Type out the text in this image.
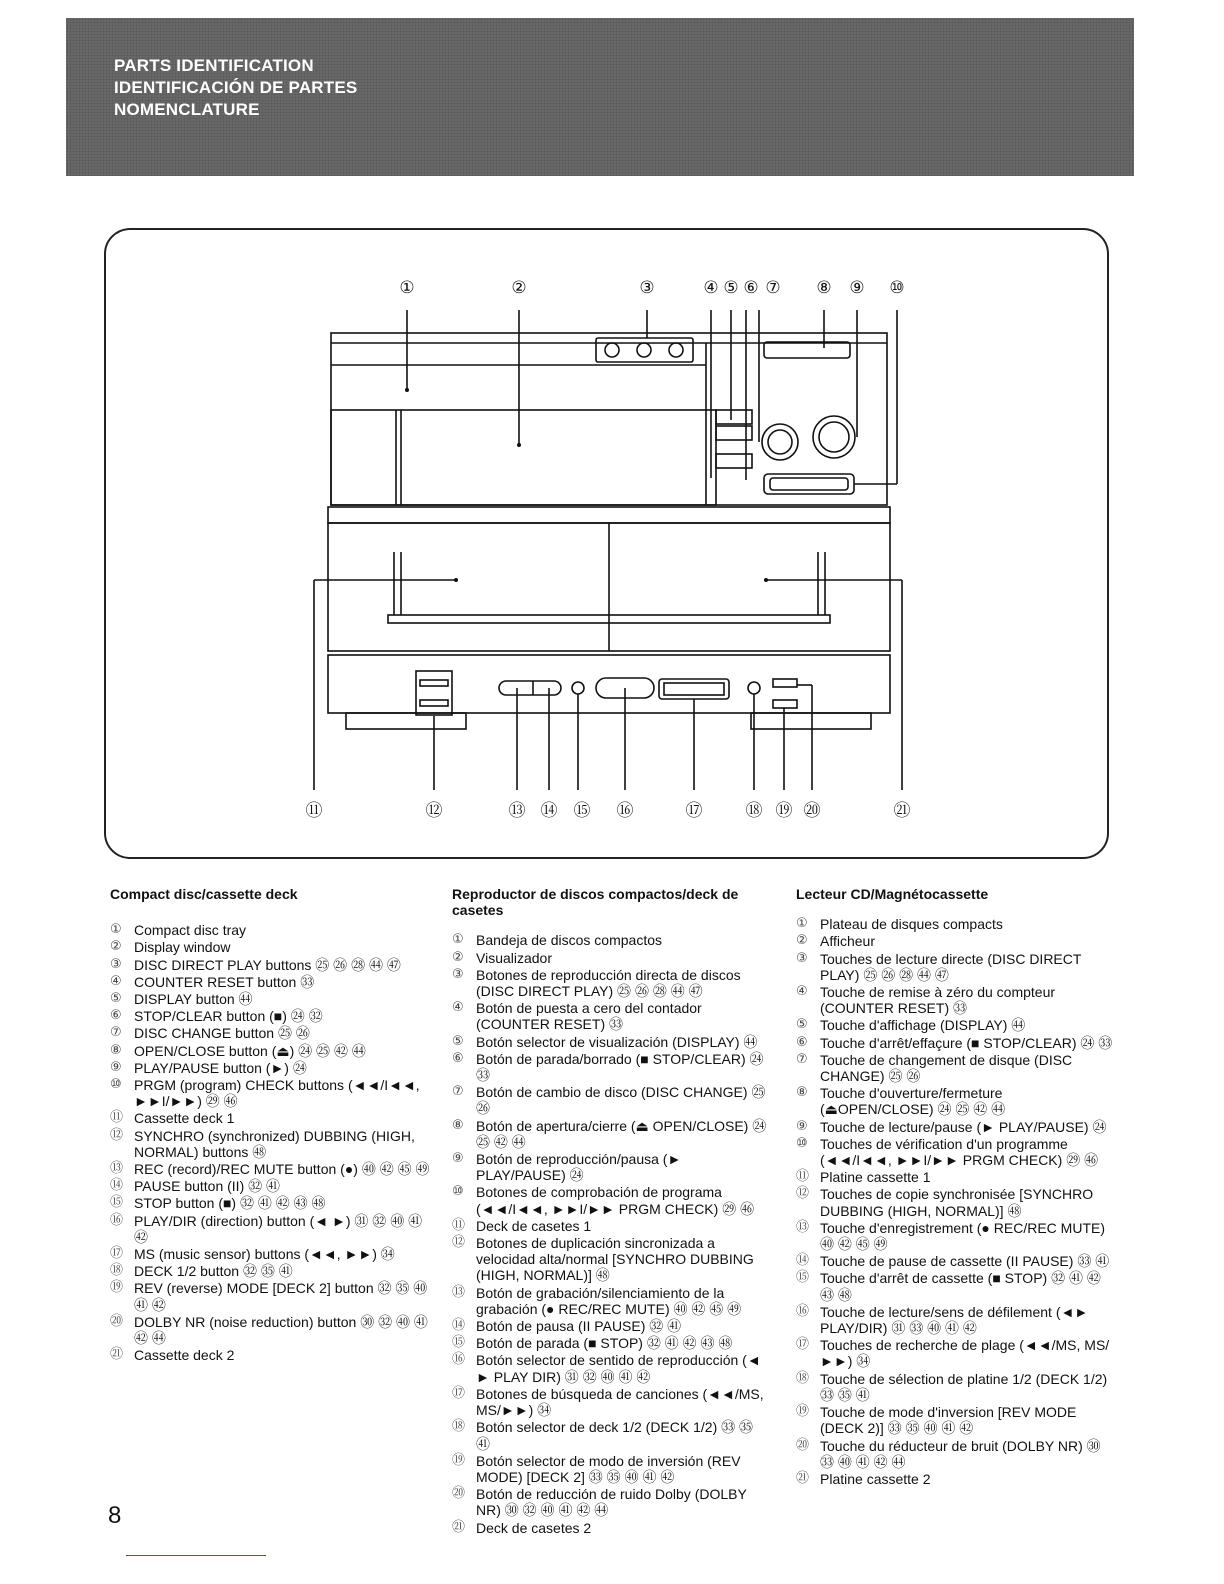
PARTS IDENTIFICATION
IDENTIFICACIÓN DE PARTES
NOMENCLATURE
①	②	③	④ ⑤ ⑥ ⑦ ⑧ ⑨ ⑩
⑪	⑫	⑬ ⑭ ⑮ ⑯	⑰	⑱ ⑲ ⑳	㉑
Compact disc/cassette deck
① Compact disc tray
② Display window
③ DISC DIRECT PLAY buttons ㉕ ㉖ ㉘ ㊹ ㊼
④ COUNTER RESET button ㉝
⑤ DISPLAY button ㊹
⑥ STOP/CLEAR button (■) ㉔ ㉜
⑦ DISC CHANGE button ㉕ ㉖
⑧ OPEN/CLOSE button (⏏) ㉔ ㉕ ㊷ ㊹
⑨ PLAY/PAUSE button (►) ㉔
⑩ PRGM (program) CHECK buttons (◄◄/I◄◄, ►►I/►►) ㉙ ㊻
⑪ Cassette deck 1
⑫ SYNCHRO (synchronized) DUBBING (HIGH, NORMAL) buttons ㊽
⑬ REC (record)/REC MUTE button (●) ㊵ ㊷ ㊺ ㊾
⑭ PAUSE button (II) ㉜ ㊶
⑮ STOP button (■) ㉜ ㊶ ㊷ ㊸ ㊽
⑯ PLAY/DIR (direction) button (◄ ►) ㉛ ㉜ ㊵ ㊶ ㊷
⑰ MS (music sensor) buttons (◄◄, ►►) ㉞
⑱ DECK 1/2 button ㉜ ㉟ ㊶
⑲ REV (reverse) MODE [DECK 2] button ㉜ ㉟ ㊵ ㊶ ㊷
⑳ DOLBY NR (noise reduction) button ㉚ ㉜ ㊵ ㊶ ㊷ ㊹
㉑ Cassette deck 2
Reproductor de discos compactos/deck de casetes
① Bandeja de discos compactos
② Visualizador
③ Botones de reproducción directa de discos (DISC DIRECT PLAY) ㉕ ㉖ ㉘ ㊹ ㊼
④ Botón de puesta a cero del contador (COUNTER RESET) ㉝
⑤ Botón selector de visualización (DISPLAY) ㊹
⑥ Botón de parada/borrado (■ STOP/CLEAR) ㉔ ㉝
⑦ Botón de cambio de disco (DISC CHANGE) ㉕ ㉖
⑧ Botón de apertura/cierre (⏏ OPEN/CLOSE) ㉔ ㉕ ㊷ ㊹
⑨ Botón de reproducción/pausa (► PLAY/PAUSE) ㉔
⑩ Botones de comprobación de programa (◄◄/I◄◄, ►►I/►► PRGM CHECK) ㉙ ㊻
⑪ Deck de casetes 1
⑫ Botones de duplicación sincronizada a velocidad alta/normal [SYNCHRO DUBBING (HIGH, NORMAL)] ㊽
⑬ Botón de grabación/silenciamiento de la grabación (● REC/REC MUTE) ㊵ ㊷ ㊺ ㊾
⑭ Botón de pausa (II PAUSE) ㉜ ㊶
⑮ Botón de parada (■ STOP) ㉜ ㊶ ㊷ ㊸ ㊽
⑯ Botón selector de sentido de reproducción (◄ ► PLAY DIR) ㉛ ㉜ ㊵ ㊶ ㊷
⑰ Botones de búsqueda de canciones (◄◄/MS, MS/►►) ㉞
⑱ Botón selector de deck 1/2 (DECK 1/2) ㉝ ㉟ ㊶
⑲ Botón selector de modo de inversión (REV MODE) [DECK 2] ㉝ ㉟ ㊵ ㊶ ㊷
⑳ Botón de reducción de ruido Dolby (DOLBY NR) ㉚ ㉜ ㊵ ㊶ ㊷ ㊹
㉑ Deck de casetes 2
Lecteur CD/Magnétocassette
① Plateau de disques compacts
② Afficheur
③ Touches de lecture directe (DISC DIRECT PLAY) ㉕ ㉖ ㉘ ㊹ ㊼
④ Touche de remise à zéro du compteur (COUNTER RESET) ㉝
⑤ Touche d'affichage (DISPLAY) ㊹
⑥ Touche d'arrêt/effaçure (■ STOP/CLEAR) ㉔ ㉝
⑦ Touche de changement de disque (DISC CHANGE) ㉕ ㉖
⑧ Touche d'ouverture/fermeture (⏏OPEN/CLOSE) ㉔ ㉕ ㊷ ㊹
⑨ Touche de lecture/pause (► PLAY/PAUSE) ㉔
⑩ Touches de vérification d'un programme (◄◄/I◄◄, ►►I/►► PRGM CHECK) ㉙ ㊻
⑪ Platine cassette 1
⑫ Touches de copie synchronisée [SYNCHRO DUBBING (HIGH, NORMAL)] ㊽
⑬ Touche d'enregistrement (● REC/REC MUTE) ㊵ ㊷ ㊺ ㊾
⑭ Touche de pause de cassette (II PAUSE) ㉝ ㊶
⑮ Touche d'arrêt de cassette (■ STOP) ㉜ ㊶ ㊷ ㊸ ㊽
⑯ Touche de lecture/sens de défilement (◄► PLAY/DIR) ㉛ ㉝ ㊵ ㊶ ㊷
⑰ Touches de recherche de plage (◄◄/MS, MS/►►) ㉞
⑱ Touche de sélection de platine 1/2 (DECK 1/2) ㉝ ㉟ ㊶
⑲ Touche de mode d'inversion [REV MODE (DECK 2)] ㉝ ㉟ ㊵ ㊶ ㊷
⑳ Touche du réducteur de bruit (DOLBY NR) ㉚ ㉝ ㊵ ㊶ ㊷ ㊹
㉑ Platine cassette 2
8
